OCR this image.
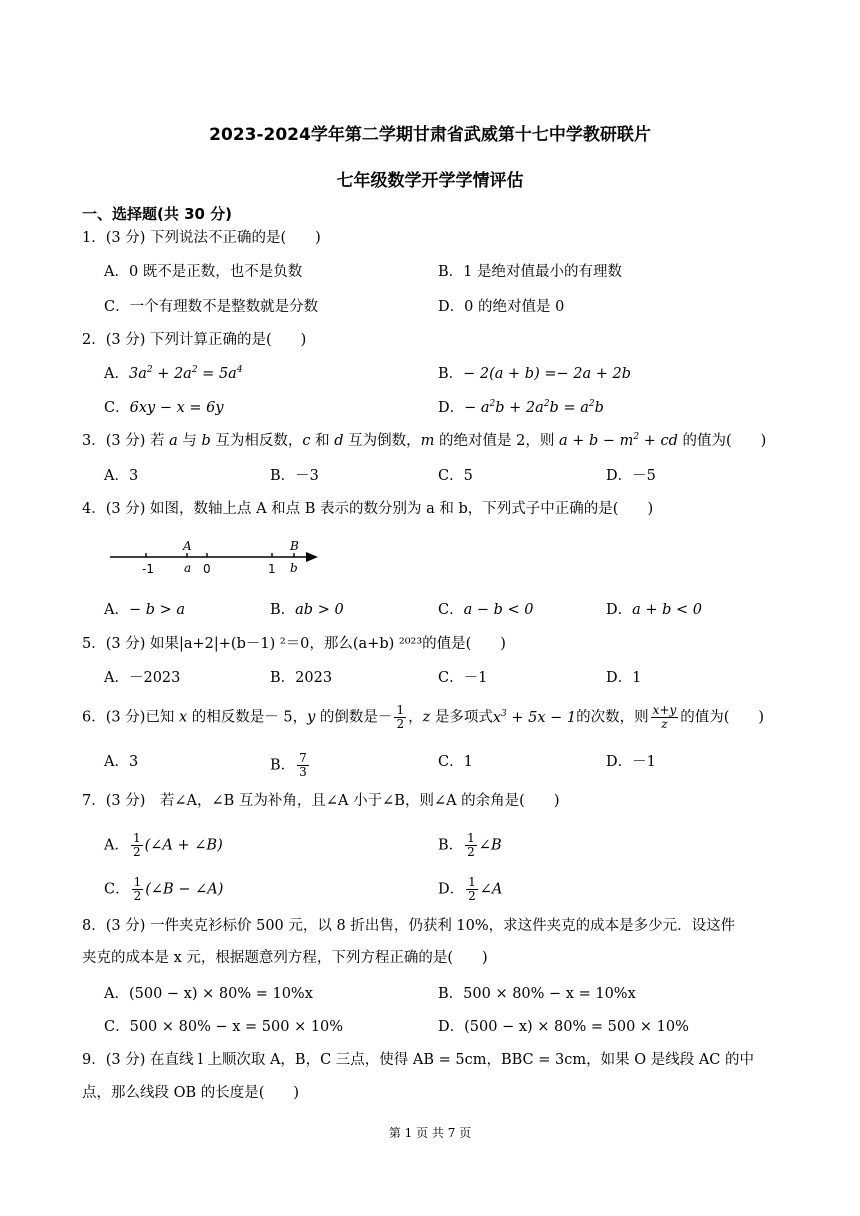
2023-2024学年第二学期甘肃省武威第十七中学教研联片
七年级数学开学学情评估
一、选择题(共 30 分)
1．(3 分) 下列说法不正确的是(　　)
A．0 既不是正数，也不是负数	B．1 是绝对值最小的有理数
C．一个有理数不是整数就是分数	D．0 的绝对值是 0
2．(3 分) 下列计算正确的是(　　)
A．$3a^2 + 2a^2 = 5a^4$	B．− 2(a + b) =− 2a + 2b
C．6xy − x = 6y	D．− $a^2b + 2a^2b = a^2b$
3．(3 分) 若 a 与 b 互为相反数，c 和 d 互为倒数，m 的绝对值是 2，则 $a + b - m^2$ + cd 的值为(　　)
A．3	B．－3	C．5	D．－5
4．(3 分) 如图，数轴上点 A 和点 B 表示的数分别为 a 和 b，下列式子中正确的是(　　)
-1	0	1
A
a
B
b
A．− b > a	B．ab > 0	C．a − b < 0	D．a + b < 0
5．(3 分) 如果|a+2|+(b－1) ²＝0，那么(a+b) ²⁰²³的值是(　　)
A．－2023	B．2023	C．－1	D．1
6．(3 分)已知 x 的相反数是－ 5，y 的倒数是－ $\frac{1}{2}$ ，z 是多项式$x^3 + 5x - 1$的次数，则 $\frac{x+y}{z}$ 的值为(　　)
A．3	B． $\frac{7}{3}$	C．1	D．－1
7．(3 分)　若∠A，∠B 互为补角，且∠A 小于∠B，则∠A 的余角是(　　)
A． $\frac{1}{2}$ (∠A + ∠B)	B． $\frac{1}{2}$ ∠B
C． $\frac{1}{2}$ (∠B − ∠A)	D． $\frac{1}{2}$ ∠A
8．(3 分) 一件夹克衫标价 500 元，以 8 折出售，仍获利 10%，求这件夹克的成本是多少元．设这件
夹克的成本是 x 元，根据题意列方程，下列方程正确的是(　　)
A．(500 − x) × 80% = 10%x	B．500 × 80% − x = 10%x
C．500 × 80% − x = 500 × 10%	D．(500 − x) × 80% = 500 × 10%
9．(3 分) 在直线 l 上顺次取 A，B，C 三点，使得 AB = 5cm，BBC = 3cm，如果 O 是线段 AC 的中
点，那么线段 OB 的长度是(　　)
第 1 页 共 7 页
